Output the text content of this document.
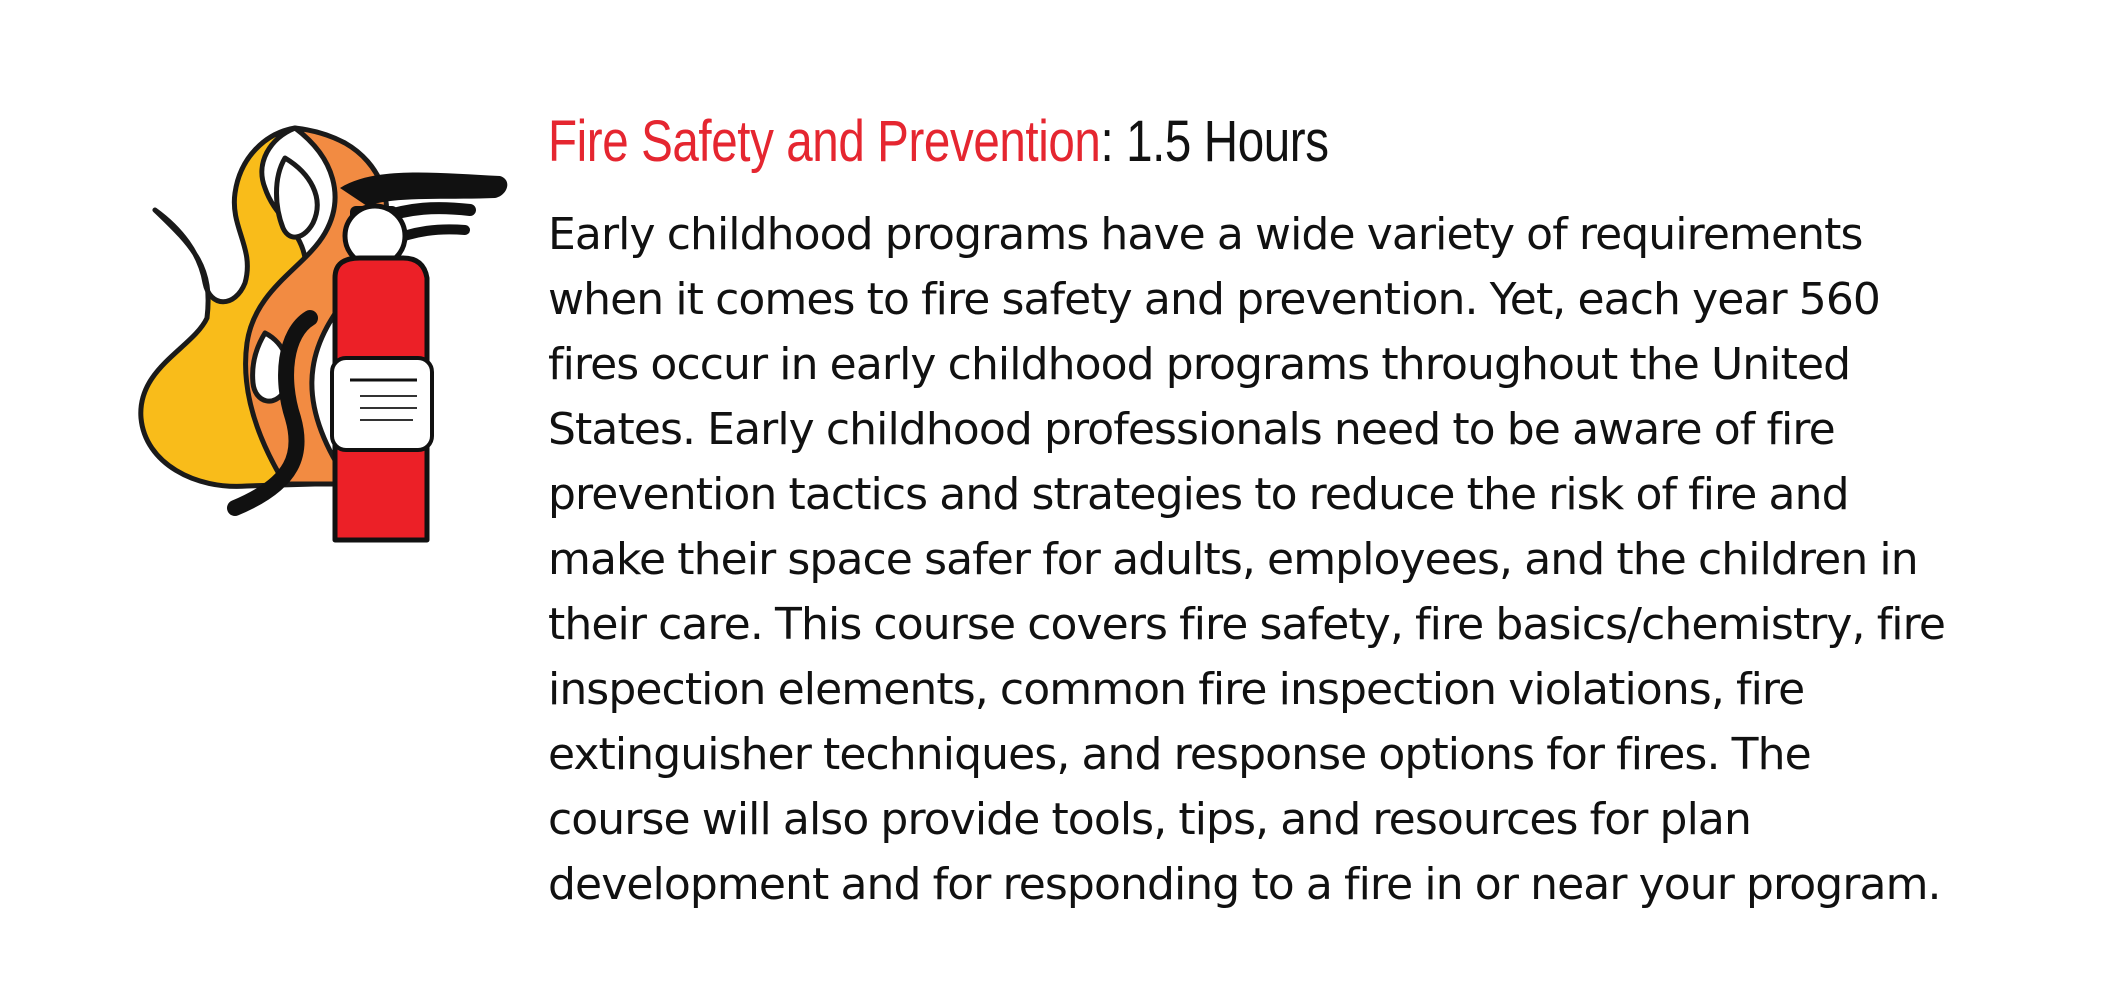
Fire Safety and Prevention: 1.5 Hours

Early childhood programs have a wide variety of requirements
when it comes to fire safety and prevention. Yet, each year 560
fires occur in early childhood programs throughout the United
States. Early childhood professionals need to be aware of fire
prevention tactics and strategies to reduce the risk of fire and
make their space safer for adults, employees, and the children in
their care. This course covers fire safety, fire basics/chemistry, fire
inspection elements, common fire inspection violations, fire
extinguisher techniques, and response options for fires. The
course will also provide tools, tips, and resources for plan
development and for responding to a fire in or near your program.
